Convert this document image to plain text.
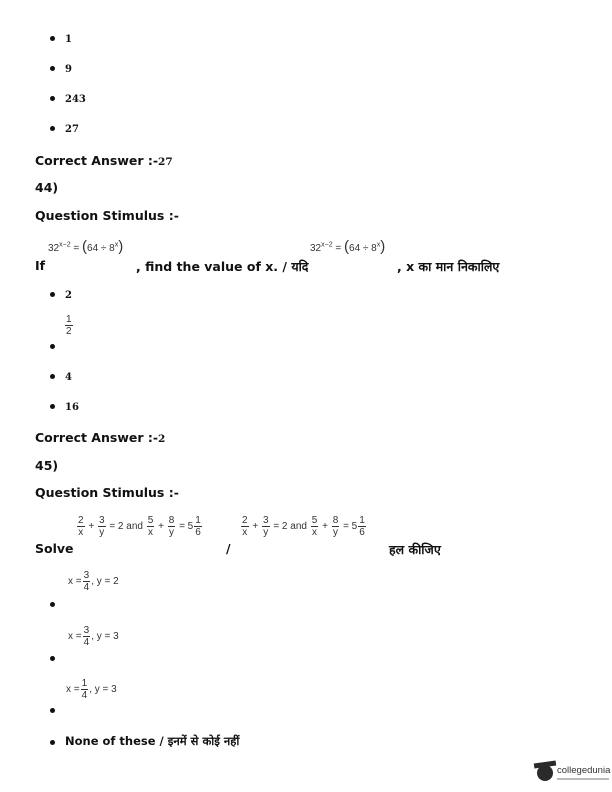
1
9
243
27
Correct Answer :-27
44)
Question Stimulus :-
$32^{x-2} = (64 \div 8^x)$
If	, find the value of x. / यदि
$32^{x-2} = (64 \div 8^x)$
, x का मान निकालिए
2
$\frac{1}{2}$
4
16
Correct Answer :-2
45)
Question Stimulus :-
$\frac{2}{x} + \frac{3}{y} = 2$ and $\frac{5}{x} + \frac{8}{y} = 5 \frac{1}{6}$
Solve	/
$\frac{2}{x} + \frac{3}{y} = 2$ and $\frac{5}{x} + \frac{8}{y} = 5 \frac{1}{6}$
हल कीजिए
$x = \frac{3}{4}$ , y = 2
$x = \frac{3}{4}$ , y = 3
$x = \frac{1}{4}$ , y = 3
None of these / इनमें से कोई नहीं
collegedunia
